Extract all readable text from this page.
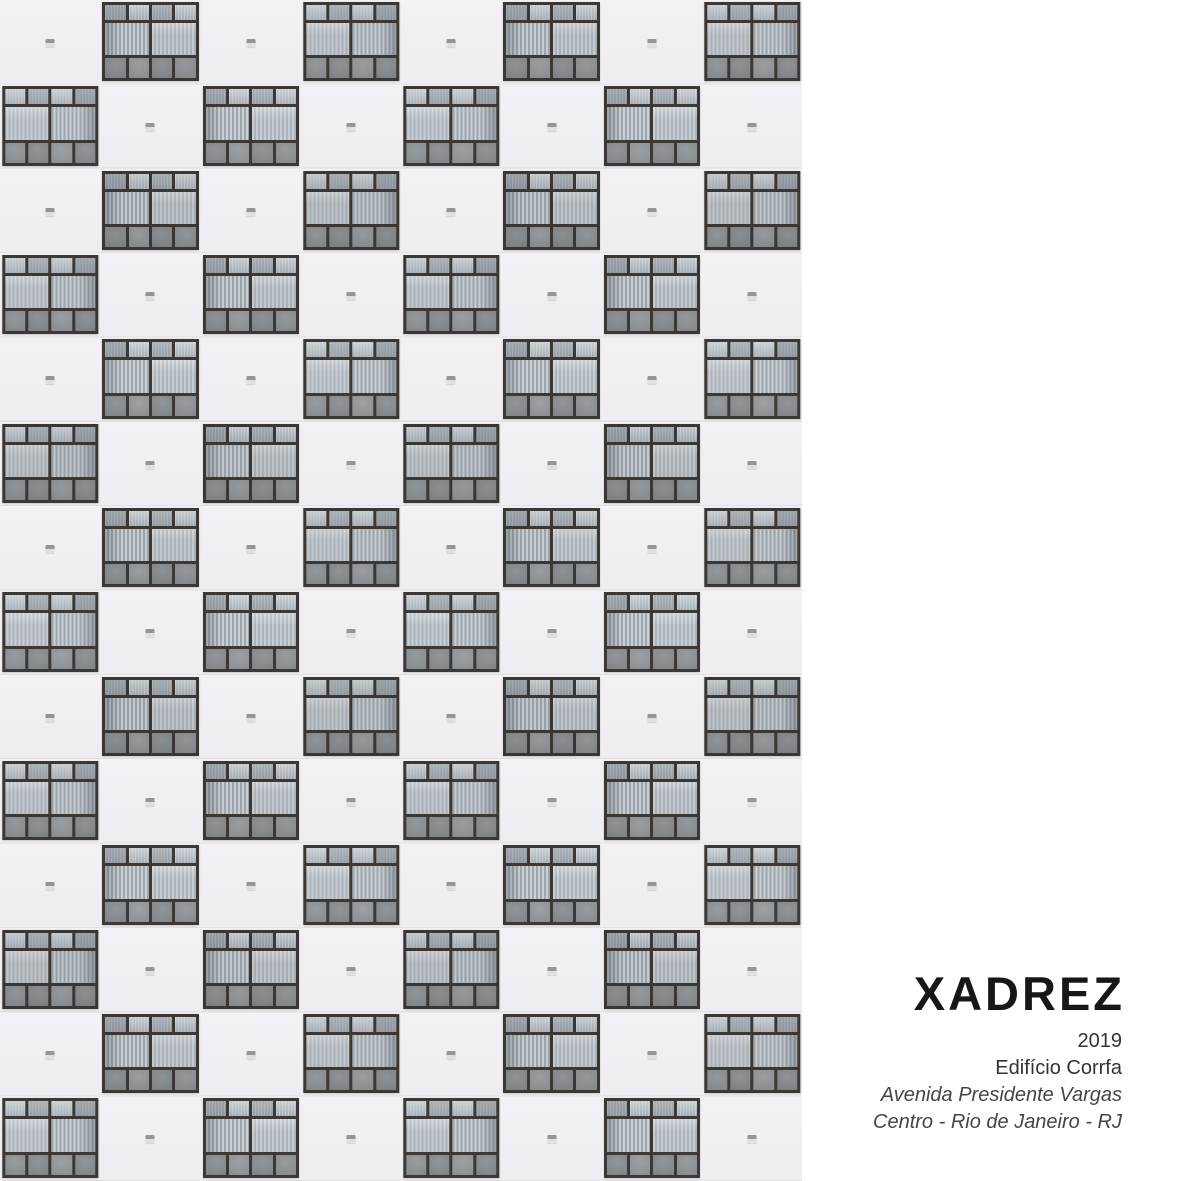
XADREZ

2019

Edifício Corrfa

Avenida Presidente Vargas

Centro - Rio de Janeiro - RJ
